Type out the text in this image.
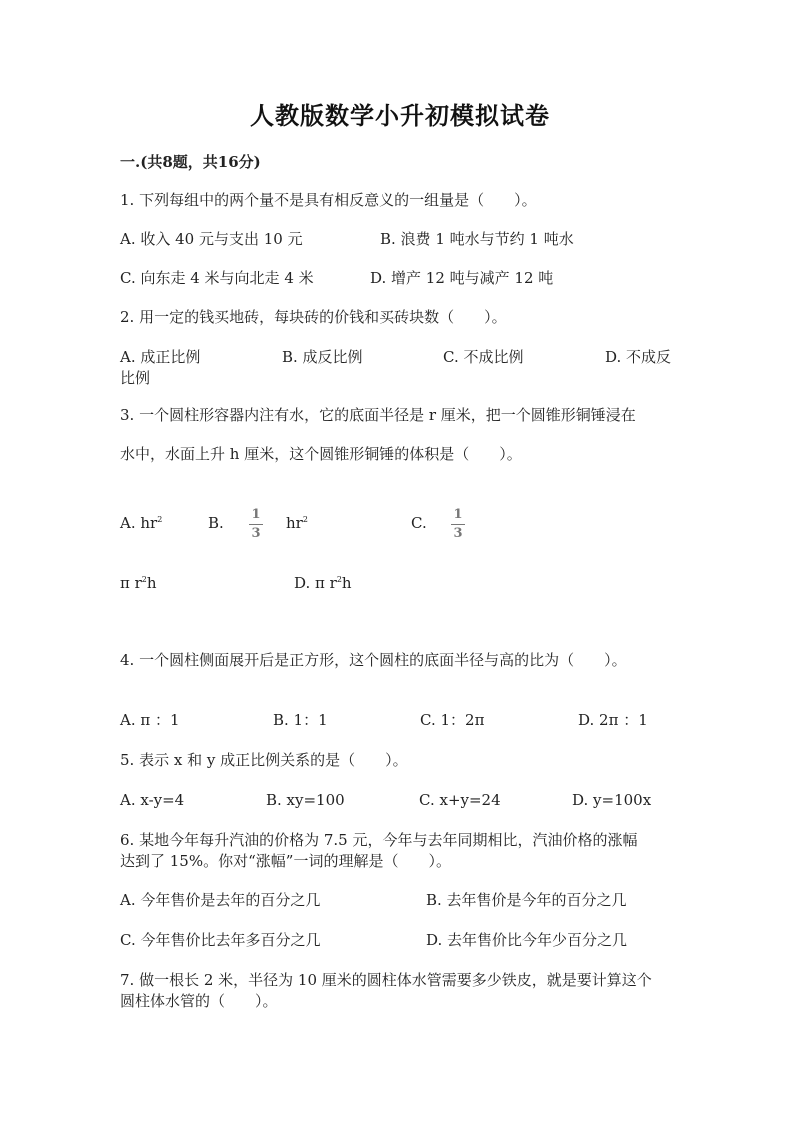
人教版数学小升初模拟试卷
一.(共8题，共16分)
1. 下列每组中的两个量不是具有相反意义的一组量是（　　）。
A. 收入 40 元与支出 10 元	B. 浪费 1 吨水与节约 1 吨水
C. 向东走 4 米与向北走 4 米	D. 增产 12 吨与减产 12 吨
2. 用一定的钱买地砖，每块砖的价钱和买砖块数（　　）。
A. 成正比例	B. 成反比例	C. 不成比例	D. 不成反
比例
3. 一个圆柱形容器内注有水，它的底面半径是 r 厘米，把一个圆锥形铜锤浸在
水中，水面上升 h 厘米，这个圆锥形铜锤的体积是（　　）。
A. $hr^2$	B. $\frac{1}{3} hr^2$	C. $\frac{1}{3}$
π $r^2h$	D. π $r^2h$
4. 一个圆柱侧面展开后是正方形，这个圆柱的底面半径与高的比为（　　）。
A. π ：1	B. 1：1	C. 1：2π	D. 2π ：1
5. 表示 x 和 y 成正比例关系的是（　　）。
A. x-y=4	B. xy=100	C. x+y=24	D. y=100x
6. 某地今年每升汽油的价格为 7.5 元，今年与去年同期相比，汽油价格的涨幅
达到了 15%。你对“涨幅”一词的理解是（　　）。
A. 今年售价是去年的百分之几	B. 去年售价是今年的百分之几
C. 今年售价比去年多百分之几	D. 去年售价比今年少百分之几
7. 做一根长 2 米，半径为 10 厘米的圆柱体水管需要多少铁皮，就是要计算这个
圆柱体水管的（　　）。
